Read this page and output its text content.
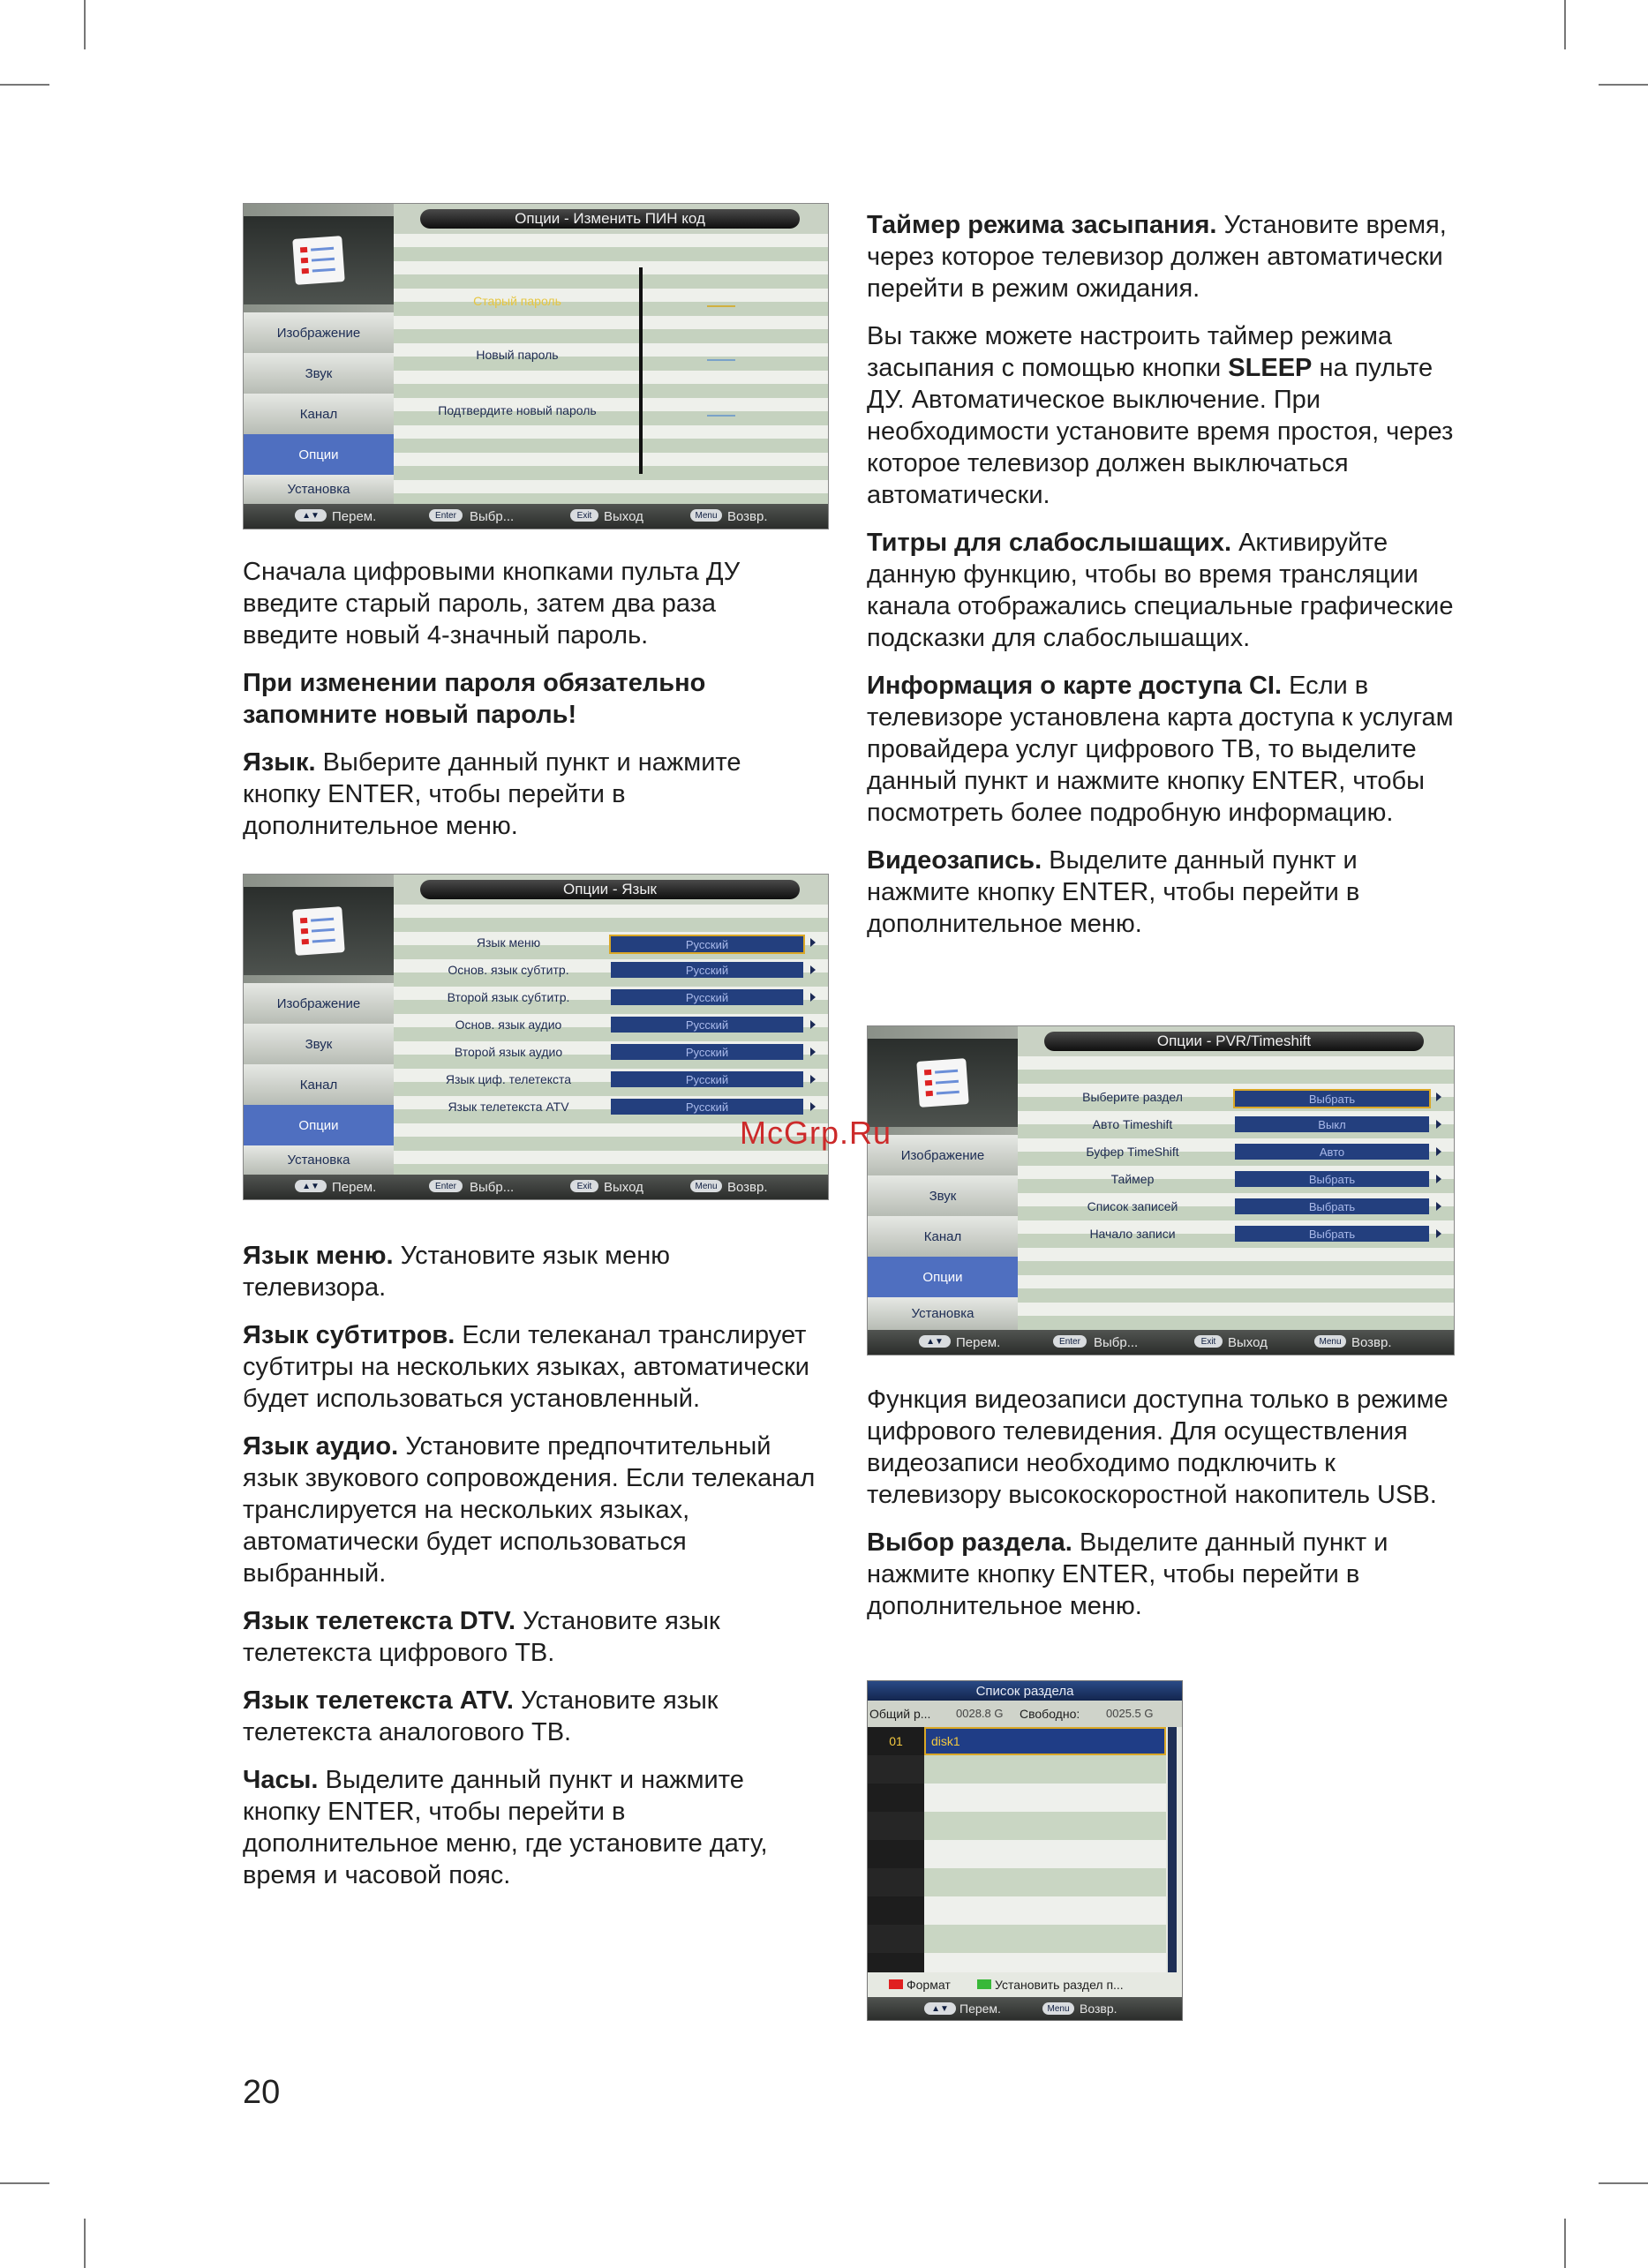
Изображение
Звук
Канал
Опции
Установка
Опции - Изменить ПИН код
Старый пароль
Новый пароль
Подтвердите новый пароль
▲▼ Перем.	Enter	Выбр...	Exit Выход	Menu Возвр.
Изображение
Звук
Канал
Опции
Установка
Опции - Язык
Язык меню	Русский
Основ. язык субтитр.	Русский
Второй язык субтитр.	Русский
Основ. язык аудио	Русский
Второй язык аудио	Русский
Язык циф. телетекста	Русский
Язык телетекста ATV	Русский
▲▼ Перем.	Enter	Выбр...	Exit Выход	Menu Возвр.
Изображение
Звук
Канал
Опции
Установка
Опции - PVR/Timeshift
Выберите раздел	Выбрать
Авто Timeshift	Выкл
Буфер TimeShift	Авто
Таймер	Выбрать
Список записей	Выбрать
Начало записи	Выбрать
▲▼ Перем.	Enter	Выбр...	Exit Выход	Menu Возвр.
Список раздела
Общий р... 0028.8 G Свободно: 0025.5 G
01	disk1
Формат	Установить раздел п...
▲▼ Перем.	Menu Возвр.
McGrp.Ru

Сначала цифровыми кнопками пульта ДУ введите старый пароль, затем два раза введите новый 4-значный пароль.

При изменении пароля обязательно запомните новый пароль!

Язык. Выберите данный пункт и нажмите кнопку ENTER, чтобы перейти в дополнительное меню.

Язык меню. Установите язык меню телевизора.

Язык субтитров. Если телеканал транслирует субтитры на нескольких языках, автоматически будет использоваться установленный.

Язык аудио. Установите предпочтительный язык звукового сопровождения. Если телеканал транслируется на нескольких языках, автоматически будет использоваться выбранный.

Язык телетекста DTV. Установите язык телетекста цифрового ТВ.

Язык телетекста ATV. Установите язык телетекста аналогового ТВ.

Часы. Выделите данный пункт и нажмите кнопку ENTER, чтобы перейти в дополнительное меню, где установите дату, время и часовой пояс.

Таймер режима засыпания. Установите время, через которое телевизор должен автоматически перейти в режим ожидания.

Вы также можете настроить таймер режима засыпания с помощью кнопки SLEEP на пульте ДУ. Автоматическое выключение. При необходимости установите время простоя, через которое телевизор должен выключаться автоматически.

Титры для слабослышащих. Активируйте данную функцию, чтобы во время трансляции канала отображались специальные графические подсказки для слабослышащих.

Информация о карте доступа CI. Если в телевизоре установлена карта доступа к услугам провайдера услуг цифрового ТВ, то выделите данный пункт и нажмите кнопку ENTER, чтобы посмотреть более подробную информацию.

Видеозапись. Выделите данный пункт и нажмите кнопку ENTER, чтобы перейти в дополнительное меню.

Функция видеозаписи доступна только в режиме цифрового телевидения. Для осуществления видеозаписи необходимо подключить к телевизору высокоскоростной накопитель USB.

Выбор раздела. Выделите данный пункт и нажмите кнопку ENTER, чтобы перейти в дополнительное меню.

20
